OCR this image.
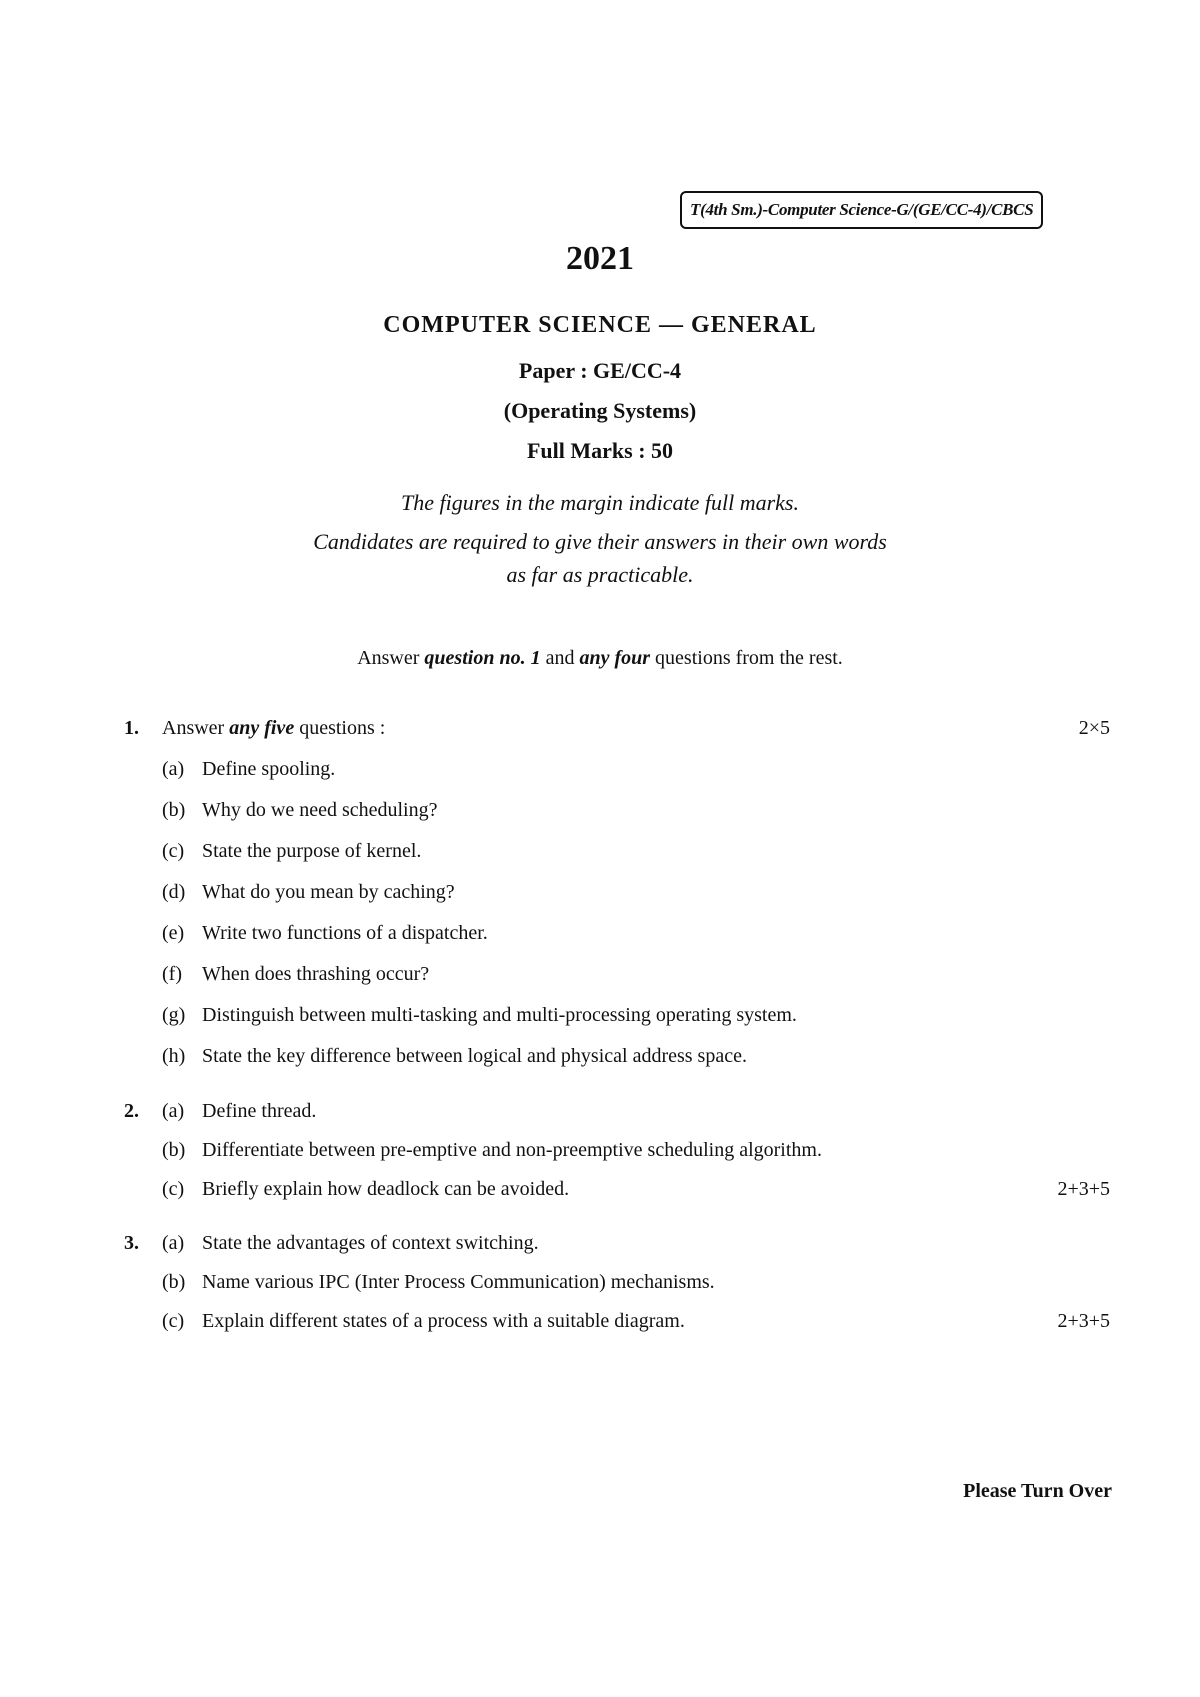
T(4th Sm.)-Computer Science-G/(GE/CC-4)/CBCS
2021
COMPUTER SCIENCE — GENERAL
Paper : GE/CC-4
(Operating Systems)
Full Marks : 50
The figures in the margin indicate full marks.
Candidates are required to give their answers in their own words
as far as practicable.
Answer question no. 1 and any four questions from the rest.
1. Answer any five questions :	2×5
(a) Define spooling.
(b) Why do we need scheduling?
(c) State the purpose of kernel.
(d) What do you mean by caching?
(e) Write two functions of a dispatcher.
(f) When does thrashing occur?
(g) Distinguish between multi-tasking and multi-processing operating system.
(h) State the key difference between logical and physical address space.
2. (a) Define thread.
(b) Differentiate between pre-emptive and non-preemptive scheduling algorithm.
(c) Briefly explain how deadlock can be avoided.	2+3+5
3. (a) State the advantages of context switching.
(b) Name various IPC (Inter Process Communication) mechanisms.
(c) Explain different states of a process with a suitable diagram.	2+3+5
Please Turn Over
